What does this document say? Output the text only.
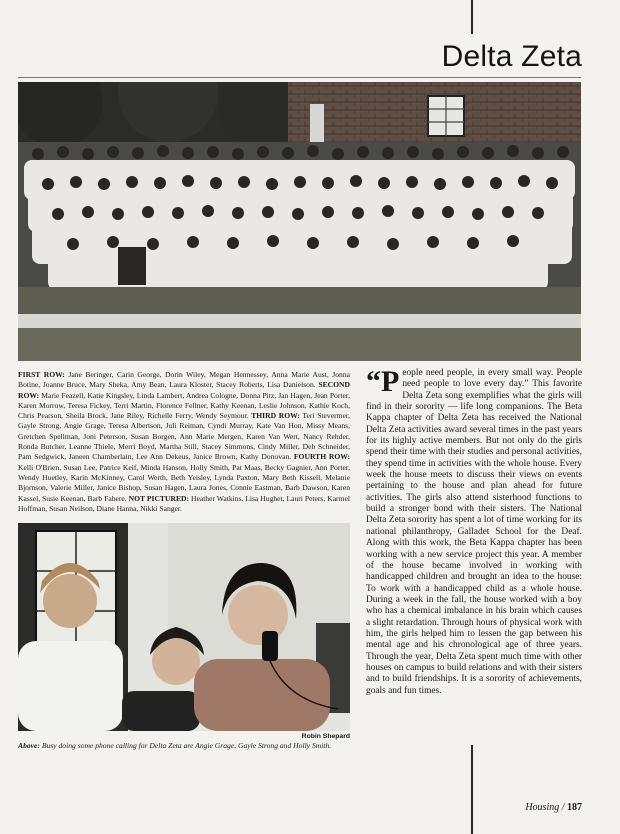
Delta Zeta

FIRST ROW: Jane Beringer, Carin George, Dorin Wiley, Megan Hennessey, Anna Marie Aust, Jonna Botine, Joanne Bruce, Mary Sheka, Amy Bean, Laura Kloster, Stacey Roberts, Lisa Danielson. SECOND ROW: Marie Feazell, Katie Kingsley, Linda Lambert, Andrea Cologne, Donna Pitz, Jan Hagen, Jean Porter, Karen Morrow, Teresa Fickey, Terri Martin, Florence Fellner, Kathy Keenan, Leslie Johnson, Kathie Koch, Chris Pearson, Sheila Brock, Jane Riley, Richelle Ferry, Wendy Seymour. THIRD ROW: Teri Stevermer, Gayle Strong, Angie Grage, Teresa Albertson, Juli Reiman, Cyndi Murray, Kate Van Hon, Missy Means, Gretchen Spellman, Joni Peterson, Susan Borgen, Ann Marie Mergen, Karen Van Wert, Nancy Rehder, Ronda Butcher, Leanne Thiele, Merri Boyd, Martha Still, Stacey Simmons, Cindy Miller, Deb Schneider, Pam Sedgwick, Janeen Chamberlain, Lee Ann Dekeus, Janice Brown, Kathy Donovan. FOURTH ROW: Kelli O'Brien, Susan Lee, Patrice Keif, Minda Hanson, Holly Smith, Pat Maas, Becky Gagnier, Ann Porter, Wendy Huetley, Karin McKinney, Carol Werth, Beth Yeisley, Lynda Paxton, Mary Beth Kissell, Melanie Bjornson, Valerie Miller, Janice Bishop, Susan Hagen, Laura Jones, Connie Eastman, Barb Dawson, Karen Kassel, Susie Keenan, Barb Fabere. NOT PICTURED: Heather Watkins, Lisa Hughet, Lauri Peters, Karmel Hoffman, Susan Neilson, Diane Hanna, Nikki Sanger.

Robin Shepard

Above: Busy doing some phone calling for Delta Zeta are Angie Grage, Gayle Strong and Holly Smith.

“P eople need people, in every small way. People need people to love every day.” This favorite Delta Zeta song exemplifies what the girls will find in their sorority — life long companions. The Beta Kappa chapter of Delta Zeta has received the National Delta Zeta activities award several times in the past years for its highly active members. But not only do the girls spend their time with their studies and personal activities, they spend time in activities with the whole house. Every week the house meets to discuss their views on events pertaining to the house and plan ahead for future activities. The girls also attend sisterhood functions to build a stronger bond with their sisters. The National Delta Zeta sorority has spent a lot of time working for its national philanthropy, Galladet School for the Deaf. Along with this work, the Beta Kappa chapter has been working with a new service project this year. A member of the house became involved in working with handicapped children and brought an idea to the house: To work with a handicapped child as a whole house. During a week in the fall, the house worked with a boy who has a chemical imbalance in his brain which causes a slight retardation. Through hours of physical work with him, the girls helped him to lessen the gap between his mental age and his chronological age of three years. Through the year, Delta Zeta spent much time with other houses on campus to build relations and with their sisters and to build friendships. It is a sorority of achievements, goals and fun times.

Housing / 187
